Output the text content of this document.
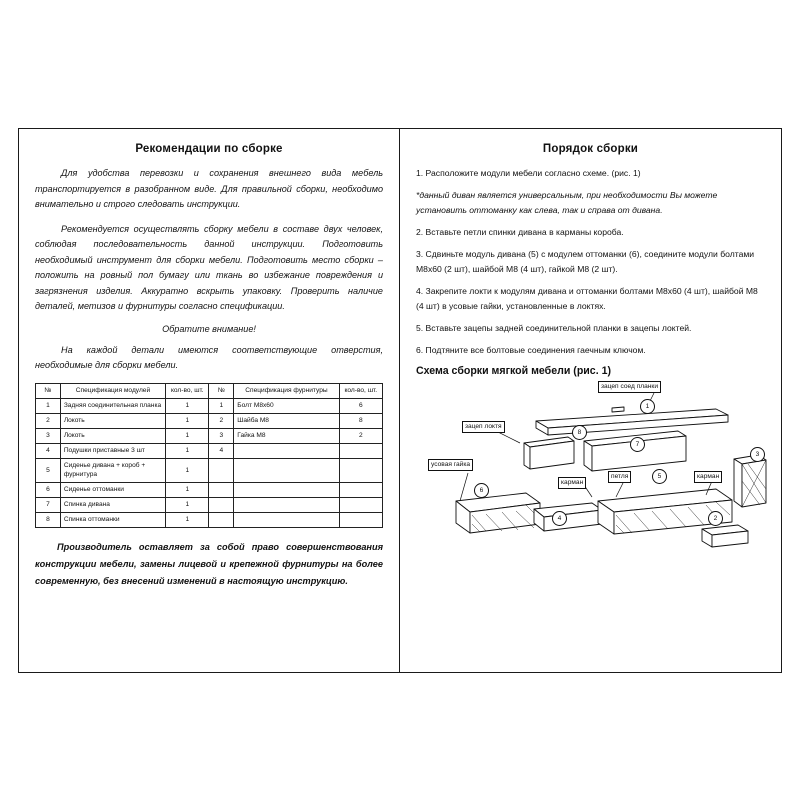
Рекомендации по сборке

Для удобства перевозки и сохранения внешнего вида мебель транспортируется в разобранном виде. Для правильной сборки, необходимо внимательно и строго следовать инструкции.

Рекомендуется осуществлять сборку мебели в составе двух человек, соблюдая последовательность данной инструкции. Подготовить необходимый инструмент для сборки мебели. Подготовить место сборки – положить на ровный пол бумагу или ткань во избежание повреждения и загрязнения изделия. Аккуратно вскрыть упаковку. Проверить наличие деталей, метизов и фурнитуры согласно спецификации.

Обратите внимание!

На каждой детали имеются соответствующие отверстия, необходимые для сборки мебели.

№	Спецификация модулей	кол-во, шт.	№	Спецификация фурнитуры	кол-во, шт.
1	Задняя соединительная планка	1	1	Болт М8х60	6
2	Локоть	1	2	Шайба М8	8
3	Локоть	1	3	Гайка М8	2
4	Подушки приставные 3 шт	1	4		
5	Сиденье дивана + короб + фурнитура	1			
6	Сиденье оттоманки	1			
7	Спинка дивана	1			
8	Спинка оттоманки	1			
Производитель оставляет за собой право совершенствования конструкции мебели, замены лицевой и крепежной фурнитуры на более современную, без внесений изменений в настоящую инструкцию.
Порядок сборки
1. Расположите модули мебели согласно схеме. (рис. 1)
*данный диван является универсальным, при необходимости Вы можете установить оттоманку как слева, так и справа от дивана.
2. Вставьте петли спинки дивана в карманы короба.
3. Сдвиньте модуль дивана (5) с модулем оттоманки (6), соедините модули болтами М8х60 (2 шт), шайбой М8 (4 шт), гайкой М8 (2 шт).
4. Закрепите локти к модулям дивана и оттоманки болтами М8х60 (4 шт), шайбой М8 (4 шт) в усовые гайки, установленные в локтях.
5. Вставьте зацепы задней соединительной планки в зацепы локтей.
6. Подтяните все болтовые соединения гаечным ключом.
Схема сборки мягкой мебели (рис. 1)
зацеп соед планки
зацеп локтя
усовая гайка
карман
петля	карман
1
8
7
3
5
6
4	2
